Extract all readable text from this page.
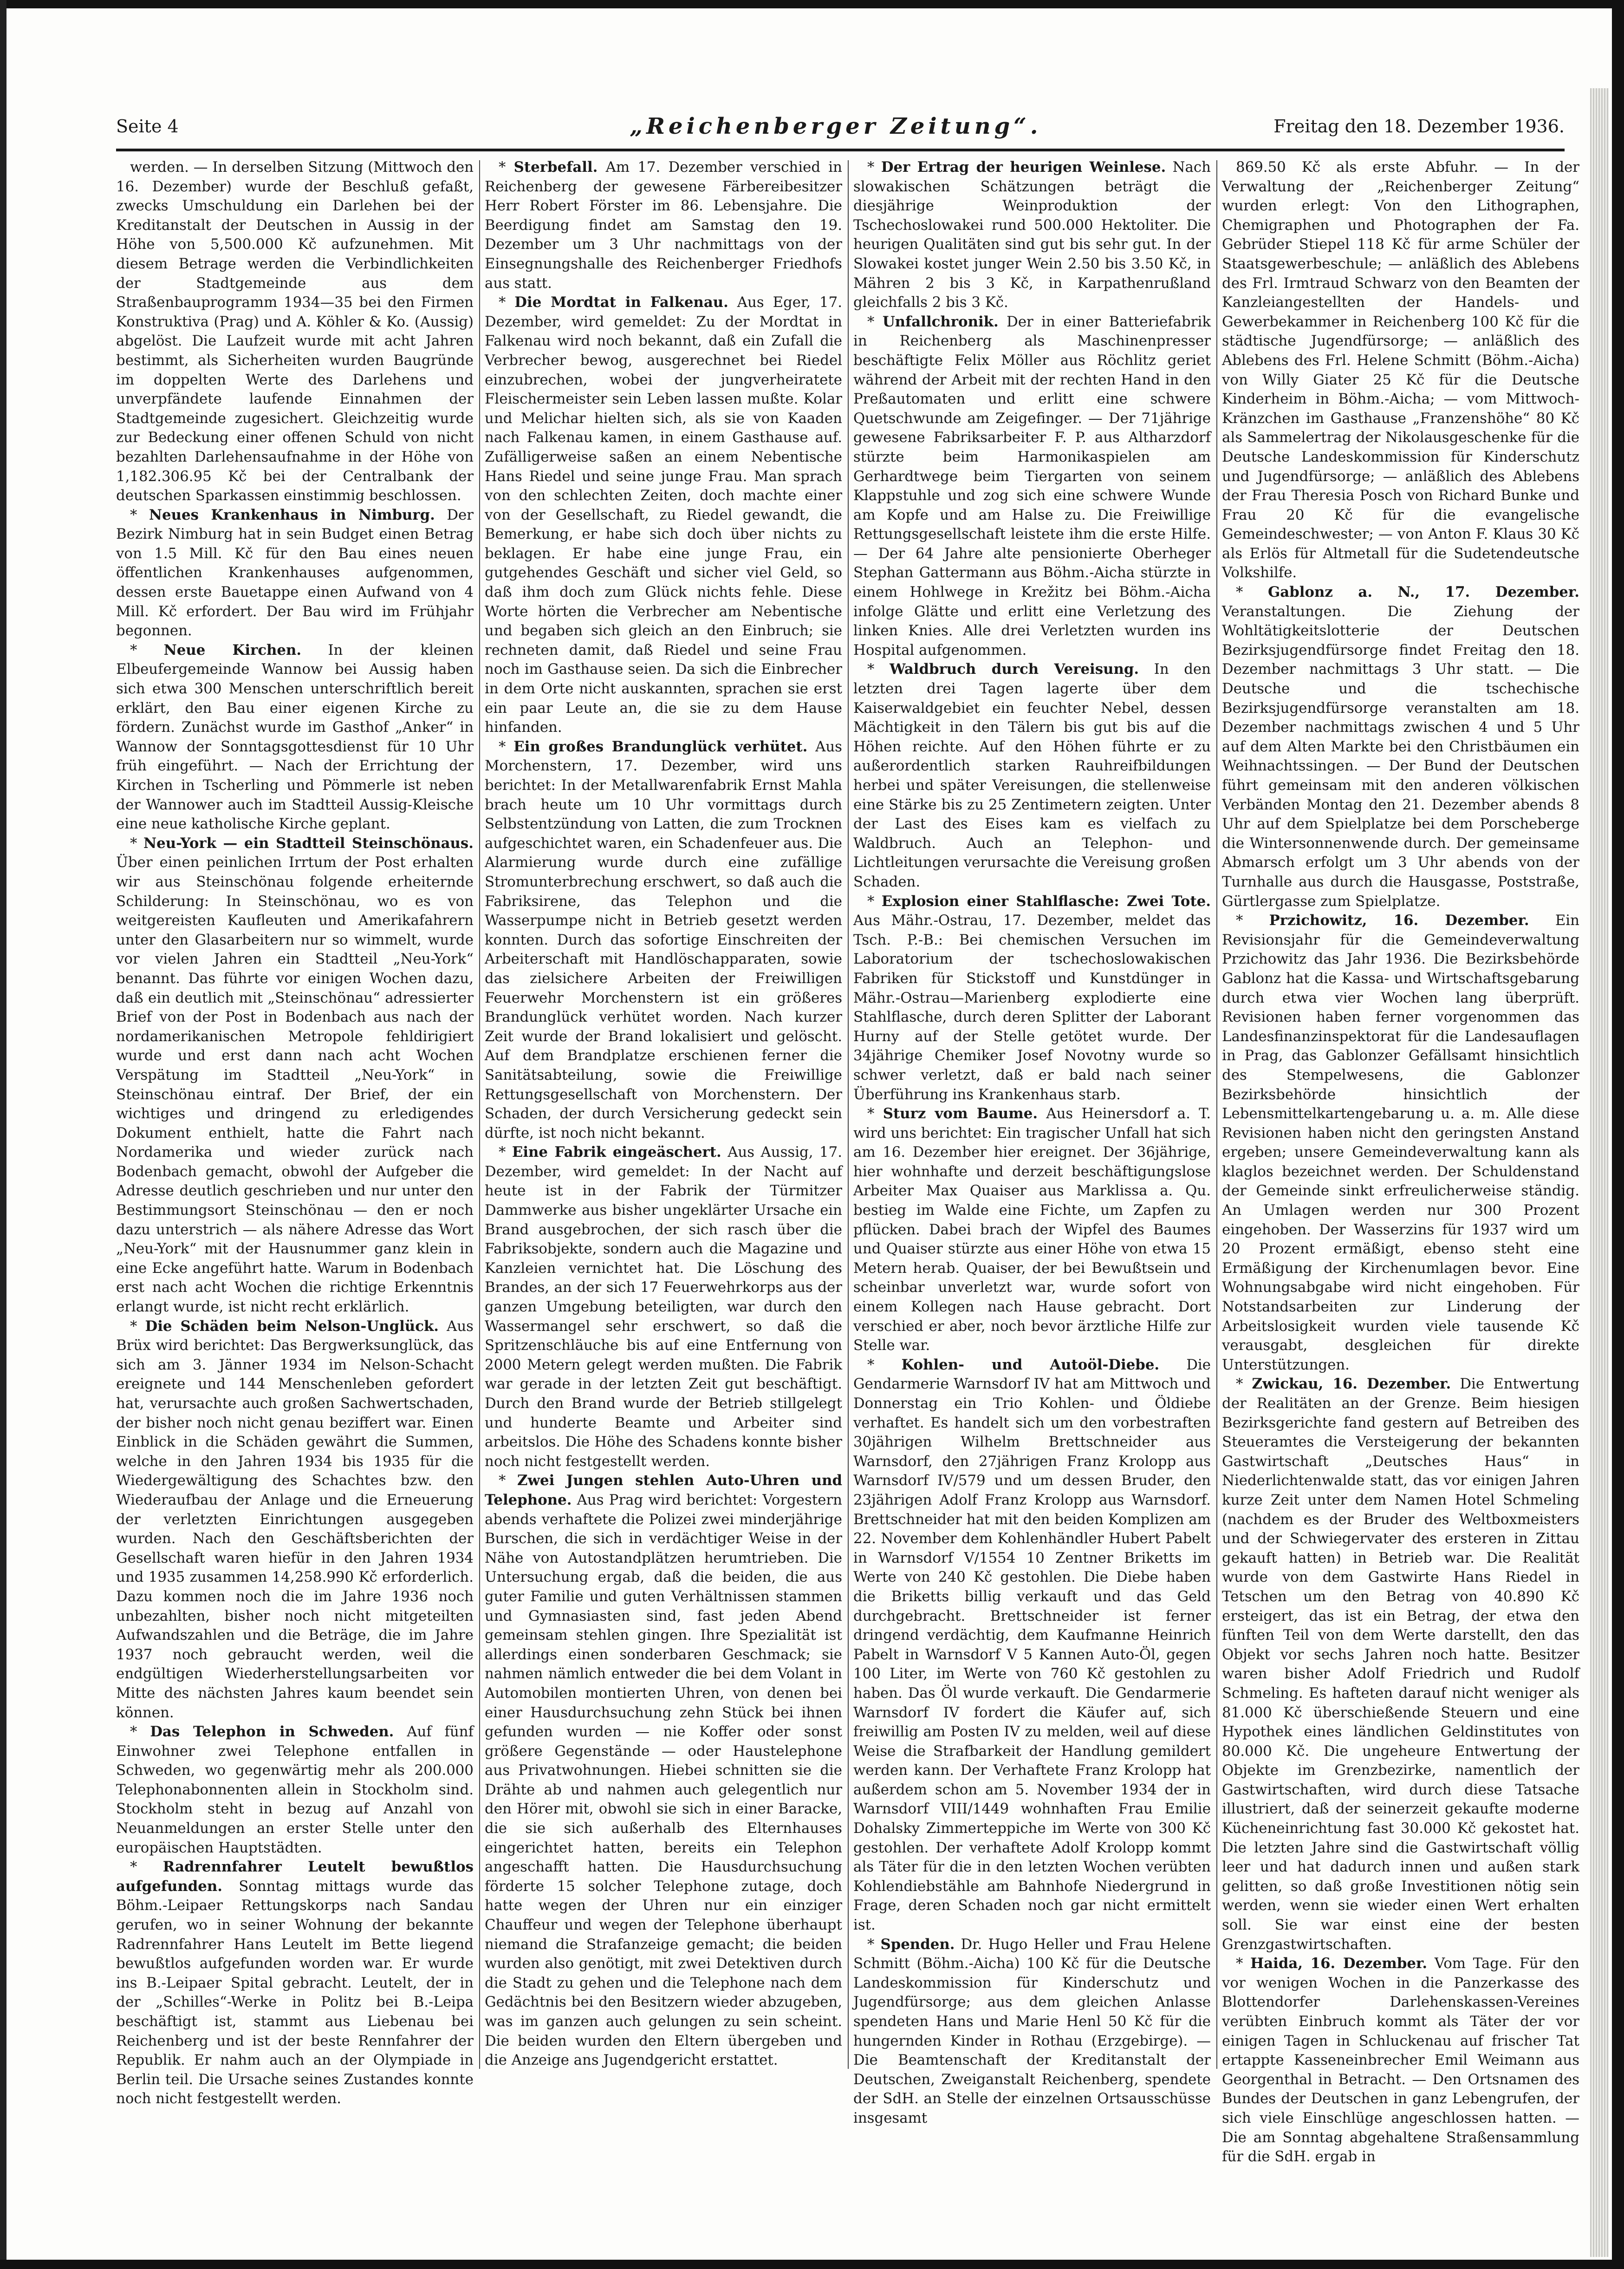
Seite 4	„Reichenberger Zeitung“.	Freitag den 18. Dezember 1936.

werden. — In derselben Sitzung (Mittwoch den 16. Dezember) wurde der Beschluß gefaßt, zwecks Umschuldung ein Darlehen bei der Kreditanstalt der Deutschen in Aussig in der Höhe von 5,500.000 Kč aufzunehmen. Mit diesem Betrage werden die Verbindlichkeiten der Stadtgemeinde aus dem Straßenbauprogramm 1934—35 bei den Firmen Konstruktiva (Prag) und A. Köhler & Ko. (Aussig) abgelöst. Die Laufzeit wurde mit acht Jahren bestimmt, als Sicherheiten wurden Baugründe im doppelten Werte des Darlehens und unverpfändete laufende Einnahmen der Stadtgemeinde zugesichert. Gleichzeitig wurde zur Bedeckung einer offenen Schuld von nicht bezahlten Darlehensaufnahme in der Höhe von 1,182.306.95 Kč bei der Centralbank der deutschen Sparkassen einstimmig beschlossen.

* Neues Krankenhaus in Nimburg. Der Bezirk Nimburg hat in sein Budget einen Betrag von 1.5 Mill. Kč für den Bau eines neuen öffentlichen Krankenhauses aufgenommen, dessen erste Bauetappe einen Aufwand von 4 Mill. Kč erfordert. Der Bau wird im Frühjahr begonnen.

* Neue Kirchen. In der kleinen Elbeufergemeinde Wannow bei Aussig haben sich etwa 300 Menschen unterschriftlich bereit erklärt, den Bau einer eigenen Kirche zu fördern. Zunächst wurde im Gasthof „Anker“ in Wannow der Sonntagsgottesdienst für 10 Uhr früh eingeführt. — Nach der Errichtung der Kirchen in Tscherling und Pömmerle ist neben der Wannower auch im Stadtteil Aussig-Kleische eine neue katholische Kirche geplant.

* Neu-York — ein Stadtteil Steinschönaus. Über einen peinlichen Irrtum der Post erhalten wir aus Steinschönau folgende erheiternde Schilderung: In Steinschönau, wo es von weitgereisten Kaufleuten und Amerikafahrern unter den Glasarbeitern nur so wimmelt, wurde vor vielen Jahren ein Stadtteil „Neu-York“ benannt. Das führte vor einigen Wochen dazu, daß ein deutlich mit „Steinschönau“ adressierter Brief von der Post in Bodenbach aus nach der nordamerikanischen Metropole fehldirigiert wurde und erst dann nach acht Wochen Verspätung im Stadtteil „Neu-York“ in Steinschönau eintraf. Der Brief, der ein wichtiges und dringend zu erledigendes Dokument enthielt, hatte die Fahrt nach Nordamerika und wieder zurück nach Bodenbach gemacht, obwohl der Aufgeber die Adresse deutlich geschrieben und nur unter den Bestimmungsort Steinschönau — den er noch dazu unterstrich — als nähere Adresse das Wort „Neu-York“ mit der Hausnummer ganz klein in eine Ecke angeführt hatte. Warum in Bodenbach erst nach acht Wochen die richtige Erkenntnis erlangt wurde, ist nicht recht erklärlich.

* Die Schäden beim Nelson-Unglück. Aus Brüx wird berichtet: Das Bergwerksunglück, das sich am 3. Jänner 1934 im Nelson-Schacht ereignete und 144 Menschenleben gefordert hat, verursachte auch großen Sachwertschaden, der bisher noch nicht genau beziffert war. Einen Einblick in die Schäden gewährt die Summen, welche in den Jahren 1934 bis 1935 für die Wiedergewältigung des Schachtes bzw. den Wiederaufbau der Anlage und die Erneuerung der verletzten Einrichtungen ausgegeben wurden. Nach den Geschäftsberichten der Gesellschaft waren hiefür in den Jahren 1934 und 1935 zusammen 14,258.990 Kč erforderlich. Dazu kommen noch die im Jahre 1936 noch unbezahlten, bisher noch nicht mitgeteilten Aufwandszahlen und die Beträge, die im Jahre 1937 noch gebraucht werden, weil die endgültigen Wiederherstellungsarbeiten vor Mitte des nächsten Jahres kaum beendet sein können.

* Das Telephon in Schweden. Auf fünf Einwohner zwei Telephone entfallen in Schweden, wo gegenwärtig mehr als 200.000 Telephonabonnenten allein in Stockholm sind. Stockholm steht in bezug auf Anzahl von Neuanmeldungen an erster Stelle unter den europäischen Hauptstädten.

* Radrennfahrer Leutelt bewußtlos aufgefunden. Sonntag mittags wurde das Böhm.-Leipaer Rettungskorps nach Sandau gerufen, wo in seiner Wohnung der bekannte Radrennfahrer Hans Leutelt im Bette liegend bewußtlos aufgefunden worden war. Er wurde ins B.-Leipaer Spital gebracht. Leutelt, der in der „Schilles“-Werke in Politz bei B.-Leipa beschäftigt ist, stammt aus Liebenau bei Reichenberg und ist der beste Rennfahrer der Republik. Er nahm auch an der Olympiade in Berlin teil. Die Ursache seines Zustandes konnte noch nicht festgestellt werden.

* Sterbefall. Am 17. Dezember verschied in Reichenberg der gewesene Färbereibesitzer Herr Robert Förster im 86. Lebensjahre. Die Beerdigung findet am Samstag den 19. Dezember um 3 Uhr nachmittags von der Einsegnungshalle des Reichenberger Friedhofs aus statt.

* Die Mordtat in Falkenau. Aus Eger, 17. Dezember, wird gemeldet: Zu der Mordtat in Falkenau wird noch bekannt, daß ein Zufall die Verbrecher bewog, ausgerechnet bei Riedel einzubrechen, wobei der jungverheiratete Fleischermeister sein Leben lassen mußte. Kolar und Melichar hielten sich, als sie von Kaaden nach Falkenau kamen, in einem Gasthause auf. Zufälligerweise saßen an einem Nebentische Hans Riedel und seine junge Frau. Man sprach von den schlechten Zeiten, doch machte einer von der Gesellschaft, zu Riedel gewandt, die Bemerkung, er habe sich doch über nichts zu beklagen. Er habe eine junge Frau, ein gutgehendes Geschäft und sicher viel Geld, so daß ihm doch zum Glück nichts fehle. Diese Worte hörten die Verbrecher am Nebentische und begaben sich gleich an den Einbruch; sie rechneten damit, daß Riedel und seine Frau noch im Gasthause seien. Da sich die Einbrecher in dem Orte nicht auskannten, sprachen sie erst ein paar Leute an, die sie zu dem Hause hinfanden.

* Ein großes Brandunglück verhütet. Aus Morchenstern, 17. Dezember, wird uns berichtet: In der Metallwarenfabrik Ernst Mahla brach heute um 10 Uhr vormittags durch Selbstentzündung von Latten, die zum Trocknen aufgeschichtet waren, ein Schadenfeuer aus. Die Alarmierung wurde durch eine zufällige Stromunterbrechung erschwert, so daß auch die Fabriksirene, das Telephon und die Wasserpumpe nicht in Betrieb gesetzt werden konnten. Durch das sofortige Einschreiten der Arbeiterschaft mit Handlöschapparaten, sowie das zielsichere Arbeiten der Freiwilligen Feuerwehr Morchenstern ist ein größeres Brandunglück verhütet worden. Nach kurzer Zeit wurde der Brand lokalisiert und gelöscht. Auf dem Brandplatze erschienen ferner die Sanitätsabteilung, sowie die Freiwillige Rettungsgesellschaft von Morchenstern. Der Schaden, der durch Versicherung gedeckt sein dürfte, ist noch nicht bekannt.

* Eine Fabrik eingeäschert. Aus Aussig, 17. Dezember, wird gemeldet: In der Nacht auf heute ist in der Fabrik der Türmitzer Dammwerke aus bisher ungeklärter Ursache ein Brand ausgebrochen, der sich rasch über die Fabriksobjekte, sondern auch die Magazine und Kanzleien vernichtet hat. Die Löschung des Brandes, an der sich 17 Feuerwehrkorps aus der ganzen Umgebung beteiligten, war durch den Wassermangel sehr erschwert, so daß die Spritzenschläuche bis auf eine Entfernung von 2000 Metern gelegt werden mußten. Die Fabrik war gerade in der letzten Zeit gut beschäftigt. Durch den Brand wurde der Betrieb stillgelegt und hunderte Beamte und Arbeiter sind arbeitslos. Die Höhe des Schadens konnte bisher noch nicht festgestellt werden.

* Zwei Jungen stehlen Auto-Uhren und Telephone. Aus Prag wird berichtet: Vorgestern abends verhaftete die Polizei zwei minderjährige Burschen, die sich in verdächtiger Weise in der Nähe von Autostandplätzen herumtrieben. Die Untersuchung ergab, daß die beiden, die aus guter Familie und guten Verhältnissen stammen und Gymnasiasten sind, fast jeden Abend gemeinsam stehlen gingen. Ihre Spezialität ist allerdings einen sonderbaren Geschmack; sie nahmen nämlich entweder die bei dem Volant in Automobilen montierten Uhren, von denen bei einer Hausdurchsuchung zehn Stück bei ihnen gefunden wurden — nie Koffer oder sonst größere Gegenstände — oder Haustelephone aus Privatwohnungen. Hiebei schnitten sie die Drähte ab und nahmen auch gelegentlich nur den Hörer mit, obwohl sie sich in einer Baracke, die sie sich außerhalb des Elternhauses eingerichtet hatten, bereits ein Telephon angeschafft hatten. Die Hausdurchsuchung förderte 15 solcher Telephone zutage, doch hatte wegen der Uhren nur ein einziger Chauffeur und wegen der Telephone überhaupt niemand die Strafanzeige gemacht; die beiden wurden also genötigt, mit zwei Detektiven durch die Stadt zu gehen und die Telephone nach dem Gedächtnis bei den Besitzern wieder abzugeben, was im ganzen auch gelungen zu sein scheint. Die beiden wurden den Eltern übergeben und die Anzeige ans Jugendgericht erstattet.

* Der Ertrag der heurigen Weinlese. Nach slowakischen Schätzungen beträgt die diesjährige Weinproduktion der Tschechoslowakei rund 500.000 Hektoliter. Die heurigen Qualitäten sind gut bis sehr gut. In der Slowakei kostet junger Wein 2.50 bis 3.50 Kč, in Mähren 2 bis 3 Kč, in Karpathenrußland gleichfalls 2 bis 3 Kč.

* Unfallchronik. Der in einer Batteriefabrik in Reichenberg als Maschinenpresser beschäftigte Felix Möller aus Röchlitz geriet während der Arbeit mit der rechten Hand in den Preßautomaten und erlitt eine schwere Quetschwunde am Zeigefinger. — Der 71jährige gewesene Fabriksarbeiter F. P. aus Altharzdorf stürzte beim Harmonikaspielen am Gerhardtwege beim Tiergarten von seinem Klappstuhle und zog sich eine schwere Wunde am Kopfe und am Halse zu. Die Freiwillige Rettungsgesellschaft leistete ihm die erste Hilfe. — Der 64 Jahre alte pensionierte Oberheger Stephan Gattermann aus Böhm.-Aicha stürzte in einem Hohlwege in Krežitz bei Böhm.-Aicha infolge Glätte und erlitt eine Verletzung des linken Knies. Alle drei Verletzten wurden ins Hospital aufgenommen.

* Waldbruch durch Vereisung. In den letzten drei Tagen lagerte über dem Kaiserwaldgebiet ein feuchter Nebel, dessen Mächtigkeit in den Tälern bis gut bis auf die Höhen reichte. Auf den Höhen führte er zu außerordentlich starken Rauhreifbildungen herbei und später Vereisungen, die stellenweise eine Stärke bis zu 25 Zentimetern zeigten. Unter der Last des Eises kam es vielfach zu Waldbruch. Auch an Telephon- und Lichtleitungen verursachte die Vereisung großen Schaden.

* Explosion einer Stahlflasche: Zwei Tote. Aus Mähr.-Ostrau, 17. Dezember, meldet das Tsch. P.-B.: Bei chemischen Versuchen im Laboratorium der tschechoslowakischen Fabriken für Stickstoff und Kunstdünger in Mähr.-Ostrau—Marienberg explodierte eine Stahlflasche, durch deren Splitter der Laborant Hurny auf der Stelle getötet wurde. Der 34jährige Chemiker Josef Novotny wurde so schwer verletzt, daß er bald nach seiner Überführung ins Krankenhaus starb.

* Sturz vom Baume. Aus Heinersdorf a. T. wird uns berichtet: Ein tragischer Unfall hat sich am 16. Dezember hier ereignet. Der 36jährige, hier wohnhafte und derzeit beschäftigungslose Arbeiter Max Quaiser aus Marklissa a. Qu. bestieg im Walde eine Fichte, um Zapfen zu pflücken. Dabei brach der Wipfel des Baumes und Quaiser stürzte aus einer Höhe von etwa 15 Metern herab. Quaiser, der bei Bewußtsein und scheinbar unverletzt war, wurde sofort von einem Kollegen nach Hause gebracht. Dort verschied er aber, noch bevor ärztliche Hilfe zur Stelle war.

* Kohlen- und Autoöl-Diebe. Die Gendarmerie Warnsdorf IV hat am Mittwoch und Donnerstag ein Trio Kohlen- und Öldiebe verhaftet. Es handelt sich um den vorbestraften 30jährigen Wilhelm Brettschneider aus Warnsdorf, den 27jährigen Franz Krolopp aus Warnsdorf IV/579 und um dessen Bruder, den 23jährigen Adolf Franz Krolopp aus Warnsdorf. Brettschneider hat mit den beiden Komplizen am 22. November dem Kohlenhändler Hubert Pabelt in Warnsdorf V/1554 10 Zentner Briketts im Werte von 240 Kč gestohlen. Die Diebe haben die Briketts billig verkauft und das Geld durchgebracht. Brettschneider ist ferner dringend verdächtig, dem Kaufmanne Heinrich Pabelt in Warnsdorf V 5 Kannen Auto-Öl, gegen 100 Liter, im Werte von 760 Kč gestohlen zu haben. Das Öl wurde verkauft. Die Gendarmerie Warnsdorf IV fordert die Käufer auf, sich freiwillig am Posten IV zu melden, weil auf diese Weise die Strafbarkeit der Handlung gemildert werden kann. Der Verhaftete Franz Krolopp hat außerdem schon am 5. November 1934 der in Warnsdorf VIII/1449 wohnhaften Frau Emilie Dohalsky Zimmerteppiche im Werte von 300 Kč gestohlen. Der verhaftete Adolf Krolopp kommt als Täter für die in den letzten Wochen verübten Kohlendiebstähle am Bahnhofe Niedergrund in Frage, deren Schaden noch gar nicht ermittelt ist.

* Spenden. Dr. Hugo Heller und Frau Helene Schmitt (Böhm.-Aicha) 100 Kč für die Deutsche Landeskommission für Kinderschutz und Jugendfürsorge; aus dem gleichen Anlasse spendeten Hans und Marie Henl 50 Kč für die hungernden Kinder in Rothau (Erzgebirge). — Die Beamtenschaft der Kreditanstalt der Deutschen, Zweiganstalt Reichenberg, spendete der SdH. an Stelle der einzelnen Ortsausschüsse insgesamt

869.50 Kč als erste Abfuhr. — In der Verwaltung der „Reichenberger Zeitung“ wurden erlegt: Von den Lithographen, Chemigraphen und Photographen der Fa. Gebrüder Stiepel 118 Kč für arme Schüler der Staatsgewerbeschule; — anläßlich des Ablebens des Frl. Irmtraud Schwarz von den Beamten der Kanzleiangestellten der Handels- und Gewerbekammer in Reichenberg 100 Kč für die städtische Jugendfürsorge; — anläßlich des Ablebens des Frl. Helene Schmitt (Böhm.-Aicha) von Willy Giater 25 Kč für die Deutsche Kinderheim in Böhm.-Aicha; — vom Mittwoch-Kränzchen im Gasthause „Franzenshöhe“ 80 Kč als Sammelertrag der Nikolausgeschenke für die Deutsche Landeskommission für Kinderschutz und Jugendfürsorge; — anläßlich des Ablebens der Frau Theresia Posch von Richard Bunke und Frau 20 Kč für die evangelische Gemeindeschwester; — von Anton F. Klaus 30 Kč als Erlös für Altmetall für die Sudetendeutsche Volkshilfe.

* Gablonz a. N., 17. Dezember. Veranstaltungen. Die Ziehung der Wohltätigkeitslotterie der Deutschen Bezirksjugendfürsorge findet Freitag den 18. Dezember nachmittags 3 Uhr statt. — Die Deutsche und die tschechische Bezirksjugendfürsorge veranstalten am 18. Dezember nachmittags zwischen 4 und 5 Uhr auf dem Alten Markte bei den Christbäumen ein Weihnachtssingen. — Der Bund der Deutschen führt gemeinsam mit den anderen völkischen Verbänden Montag den 21. Dezember abends 8 Uhr auf dem Spielplatze bei dem Porscheberge die Wintersonnenwende durch. Der gemeinsame Abmarsch erfolgt um 3 Uhr abends von der Turnhalle aus durch die Hausgasse, Poststraße, Gürtlergasse zum Spielplatze.

* Przichowitz, 16. Dezember. Ein Revisionsjahr für die Gemeindeverwaltung Przichowitz das Jahr 1936. Die Bezirksbehörde Gablonz hat die Kassa- und Wirtschaftsgebarung durch etwa vier Wochen lang überprüft. Revisionen haben ferner vorgenommen das Landesfinanzinspektorat für die Landesauflagen in Prag, das Gablonzer Gefällsamt hinsichtlich des Stempelwesens, die Gablonzer Bezirksbehörde hinsichtlich der Lebensmittelkartengebarung u. a. m. Alle diese Revisionen haben nicht den geringsten Anstand ergeben; unsere Gemeindeverwaltung kann als klaglos bezeichnet werden. Der Schuldenstand der Gemeinde sinkt erfreulicherweise ständig. An Umlagen werden nur 300 Prozent eingehoben. Der Wasserzins für 1937 wird um 20 Prozent ermäßigt, ebenso steht eine Ermäßigung der Kirchenumlagen bevor. Eine Wohnungsabgabe wird nicht eingehoben. Für Notstandsarbeiten zur Linderung der Arbeitslosigkeit wurden viele tausende Kč verausgabt, desgleichen für direkte Unterstützungen.

* Zwickau, 16. Dezember. Die Entwertung der Realitäten an der Grenze. Beim hiesigen Bezirksgerichte fand gestern auf Betreiben des Steueramtes die Versteigerung der bekannten Gastwirtschaft „Deutsches Haus“ in Niederlichtenwalde statt, das vor einigen Jahren kurze Zeit unter dem Namen Hotel Schmeling (nachdem es der Bruder des Weltboxmeisters und der Schwiegervater des ersteren in Zittau gekauft hatten) in Betrieb war. Die Realität wurde von dem Gastwirte Hans Riedel in Tetschen um den Betrag von 40.890 Kč ersteigert, das ist ein Betrag, der etwa den fünften Teil von dem Werte darstellt, den das Objekt vor sechs Jahren noch hatte. Besitzer waren bisher Adolf Friedrich und Rudolf Schmeling. Es hafteten darauf nicht weniger als 81.000 Kč überschießende Steuern und eine Hypothek eines ländlichen Geldinstitutes von 80.000 Kč. Die ungeheure Entwertung der Objekte im Grenzbezirke, namentlich der Gastwirtschaften, wird durch diese Tatsache illustriert, daß der seinerzeit gekaufte moderne Kücheneinrichtung fast 30.000 Kč gekostet hat. Die letzten Jahre sind die Gastwirtschaft völlig leer und hat dadurch innen und außen stark gelitten, so daß große Investitionen nötig sein werden, wenn sie wieder einen Wert erhalten soll. Sie war einst eine der besten Grenzgastwirtschaften.

* Haida, 16. Dezember. Vom Tage. Für den vor wenigen Wochen in die Panzerkasse des Blottendorfer Darlehenskassen-Vereines verübten Einbruch kommt als Täter der vor einigen Tagen in Schluckenau auf frischer Tat ertappte Kasseneinbrecher Emil Weimann aus Georgenthal in Betracht. — Den Ortsnamen des Bundes der Deutschen in ganz Lebengrufen, der sich viele Einschlüge angeschlossen hatten. — Die am Sonntag abgehaltene Straßensammlung für die SdH. ergab in
